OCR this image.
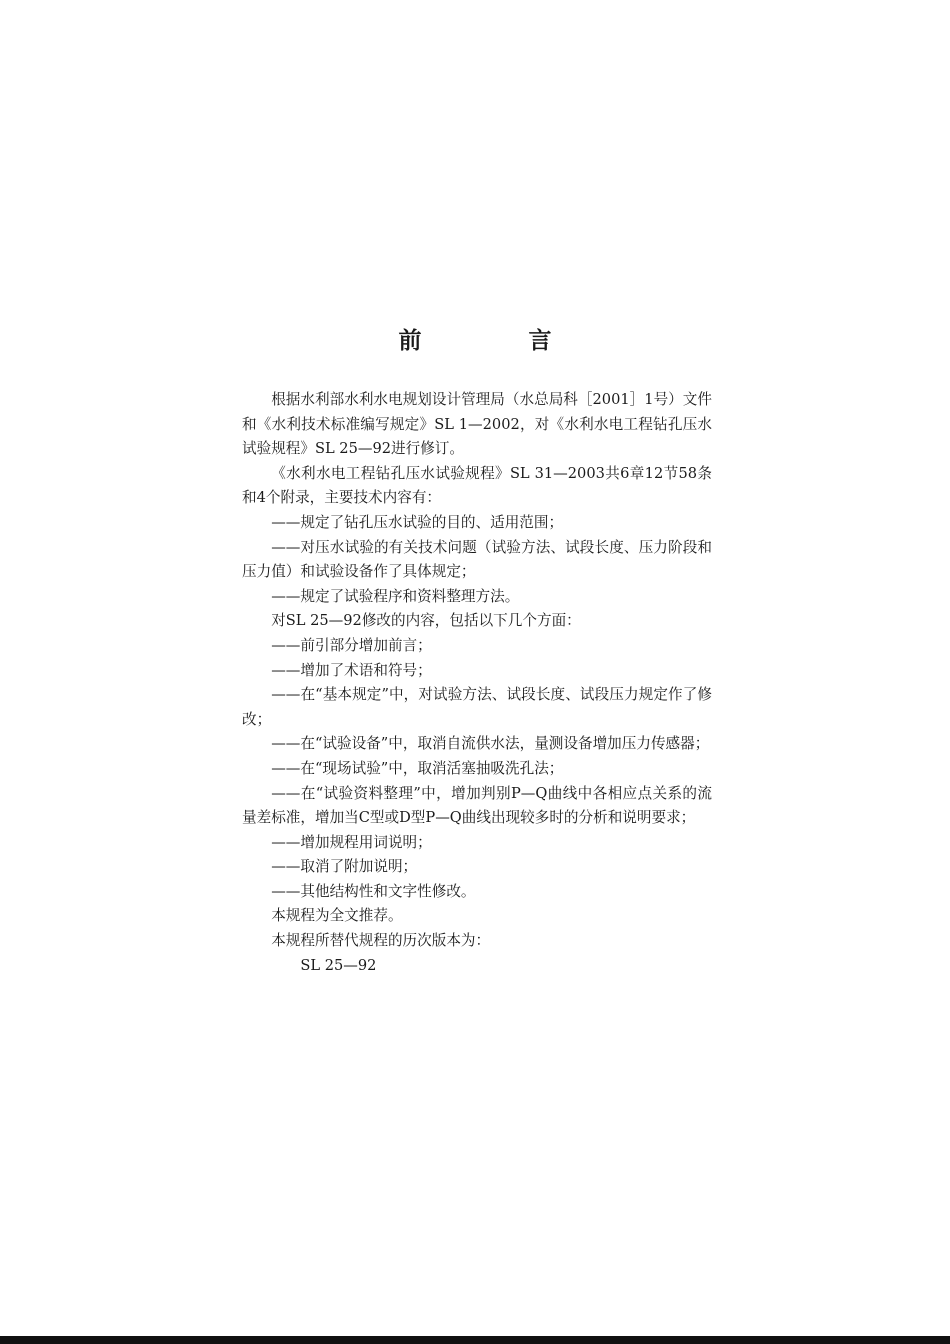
前　言

根据水利部水利水电规划设计管理局（水总局科［2001］1号）文件和《水利技术标准编写规定》SL 1—2002，对《水利水电工程钻孔压水试验规程》SL 25—92进行修订。

《水利水电工程钻孔压水试验规程》SL 31—2003共6章12节58条和4个附录，主要技术内容有：

——规定了钻孔压水试验的目的、适用范围；

——对压水试验的有关技术问题（试验方法、试段长度、压力阶段和压力值）和试验设备作了具体规定；

——规定了试验程序和资料整理方法。

对SL 25—92修改的内容，包括以下几个方面：

——前引部分增加前言；

——增加了术语和符号；

——在“基本规定”中，对试验方法、试段长度、试段压力规定作了修改；

——在“试验设备”中，取消自流供水法，量测设备增加压力传感器；

——在“现场试验”中，取消活塞抽吸洗孔法；

——在“试验资料整理”中，增加判别P—Q曲线中各相应点关系的流量差标准，增加当C型或D型P—Q曲线出现较多时的分析和说明要求；

——增加规程用词说明；

——取消了附加说明；

——其他结构性和文字性修改。

本规程为全文推荐。

本规程所替代规程的历次版本为：

SL 25—92
